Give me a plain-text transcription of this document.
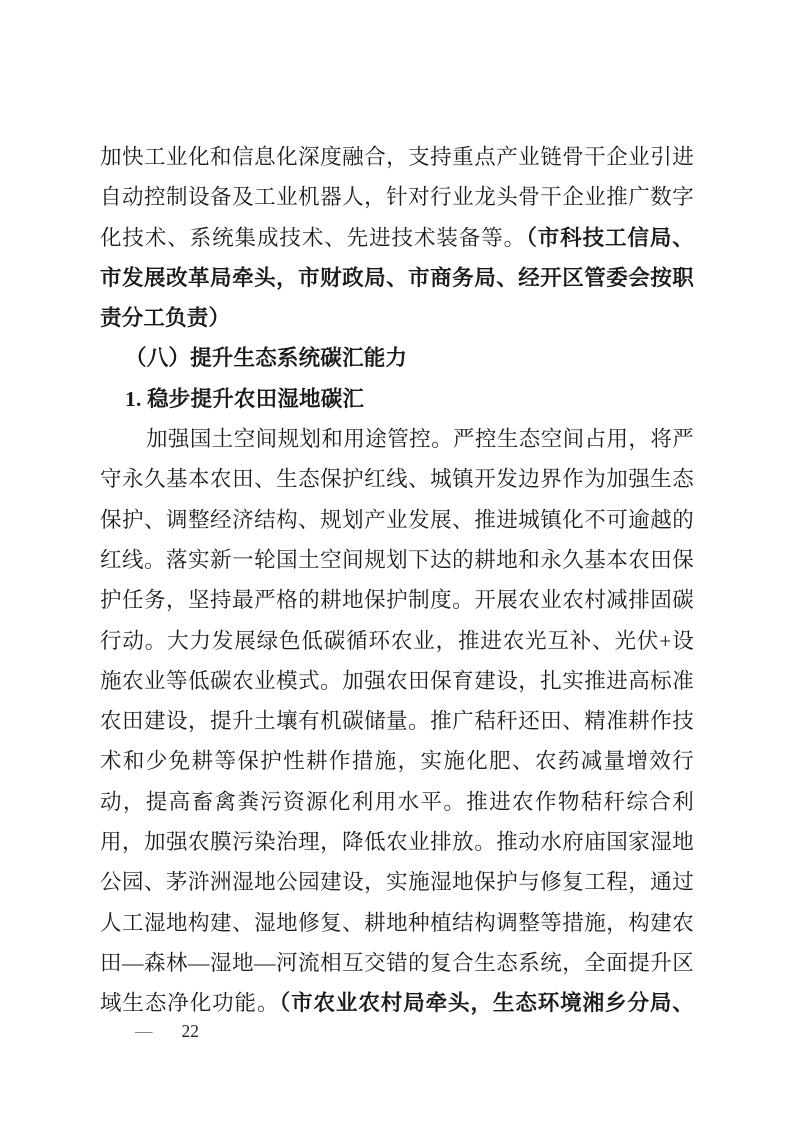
加快工业化和信息化深度融合，支持重点产业链骨干企业引进
自动控制设备及工业机器人，针对行业龙头骨干企业推广数字
化技术、系统集成技术、先进技术装备等。（市科技工信局、
市发展改革局牵头，市财政局、市商务局、经开区管委会按职
责分工负责）
（八）提升生态系统碳汇能力
1. 稳步提升农田湿地碳汇
加强国土空间规划和用途管控。严控生态空间占用，将严
守永久基本农田、生态保护红线、城镇开发边界作为加强生态
保护、调整经济结构、规划产业发展、推进城镇化不可逾越的
红线。落实新一轮国土空间规划下达的耕地和永久基本农田保
护任务，坚持最严格的耕地保护制度。开展农业农村减排固碳
行动。大力发展绿色低碳循环农业，推进农光互补、光伏+设
施农业等低碳农业模式。加强农田保育建设，扎实推进高标准
农田建设，提升土壤有机碳储量。推广秸秆还田、精准耕作技
术和少免耕等保护性耕作措施，实施化肥、农药减量增效行
动，提高畜禽粪污资源化利用水平。推进农作物秸秆综合利
用，加强农膜污染治理，降低农业排放。推动水府庙国家湿地
公园、茅浒洲湿地公园建设，实施湿地保护与修复工程，通过
人工湿地构建、湿地修复、耕地种植结构调整等措施，构建农
田—森林—湿地—河流相互交错的复合生态系统，全面提升区
域生态净化功能。（市农业农村局牵头，生态环境湘乡分局、
— 22
